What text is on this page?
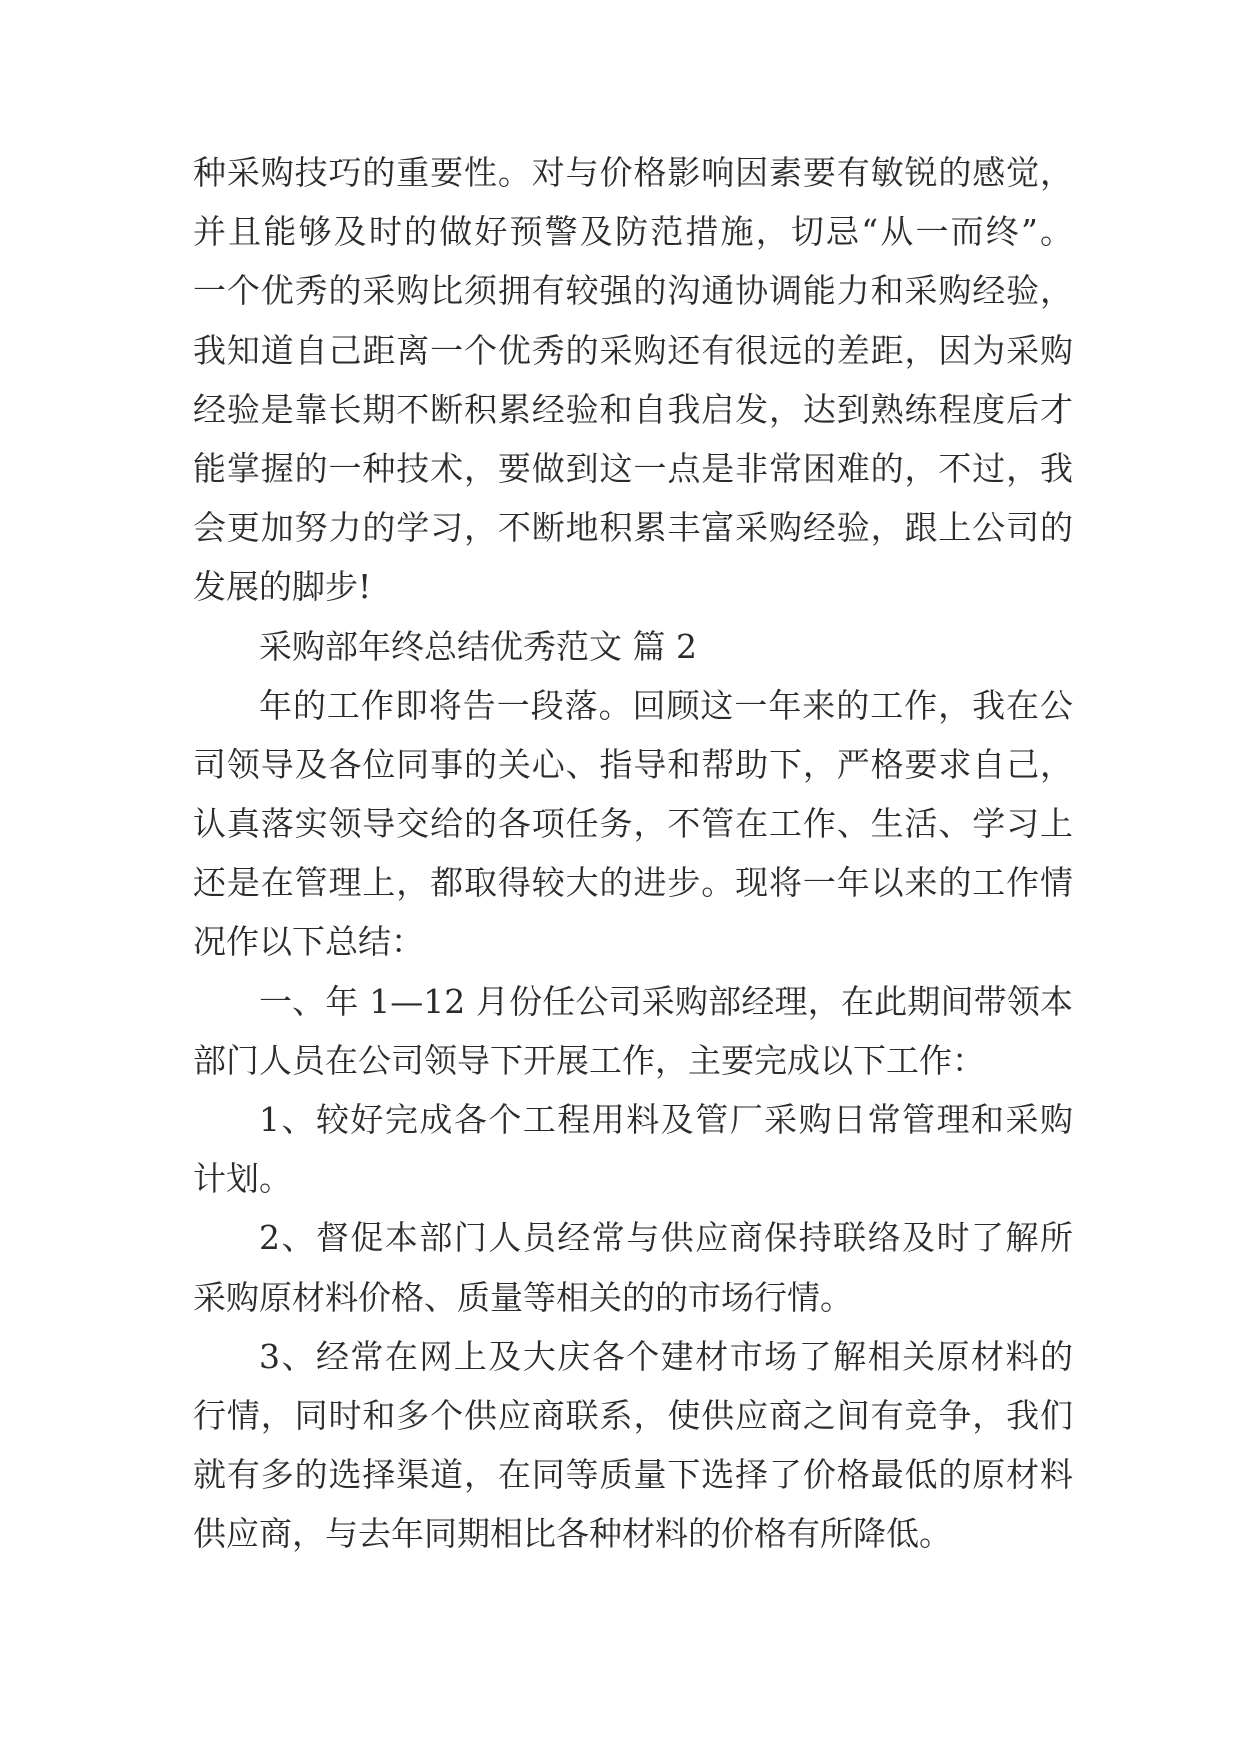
种采购技巧的重要性。对与价格影响因素要有敏锐的感觉，
并且能够及时的做好预警及防范措施，切忌“从一而终”。
一个优秀的采购比须拥有较强的沟通协调能力和采购经验，
我知道自己距离一个优秀的采购还有很远的差距，因为采购
经验是靠长期不断积累经验和自我启发，达到熟练程度后才
能掌握的一种技术，要做到这一点是非常困难的，不过，我
会更加努力的学习，不断地积累丰富采购经验，跟上公司的
发展的脚步!
采购部年终总结优秀范文 篇 2
年的工作即将告一段落。回顾这一年来的工作，我在公
司领导及各位同事的关心、指导和帮助下，严格要求自己，
认真落实领导交给的各项任务，不管在工作、生活、学习上
还是在管理上，都取得较大的进步。现将一年以来的工作情
况作以下总结：
一、年 1—12 月份任公司采购部经理，在此期间带领本
部门人员在公司领导下开展工作，主要完成以下工作：
1、较好完成各个工程用料及管厂采购日常管理和采购
计划。
2、督促本部门人员经常与供应商保持联络及时了解所
采购原材料价格、质量等相关的的市场行情。
3、经常在网上及大庆各个建材市场了解相关原材料的
行情，同时和多个供应商联系，使供应商之间有竞争，我们
就有多的选择渠道，在同等质量下选择了价格最低的原材料
供应商，与去年同期相比各种材料的价格有所降低。
